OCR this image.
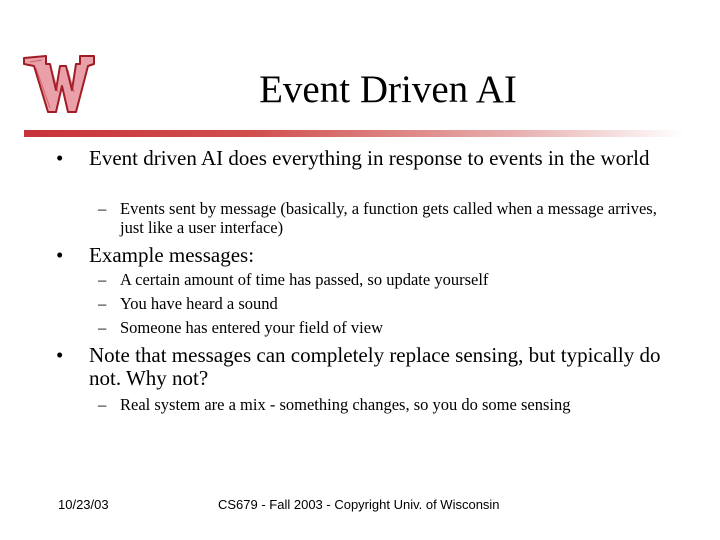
Event Driven AI
• Event driven AI does everything in response to events in the world
– Events sent by message (basically, a function gets called when a message arrives, just like a user interface)
• Example messages:
– A certain amount of time has passed, so update yourself
– You have heard a sound
– Someone has entered your field of view
• Note that messages can completely replace sensing, but typically do not. Why not?
– Real system are a mix - something changes, so you do some sensing
10/23/03	CS679 - Fall 2003 - Copyright Univ. of Wisconsin
